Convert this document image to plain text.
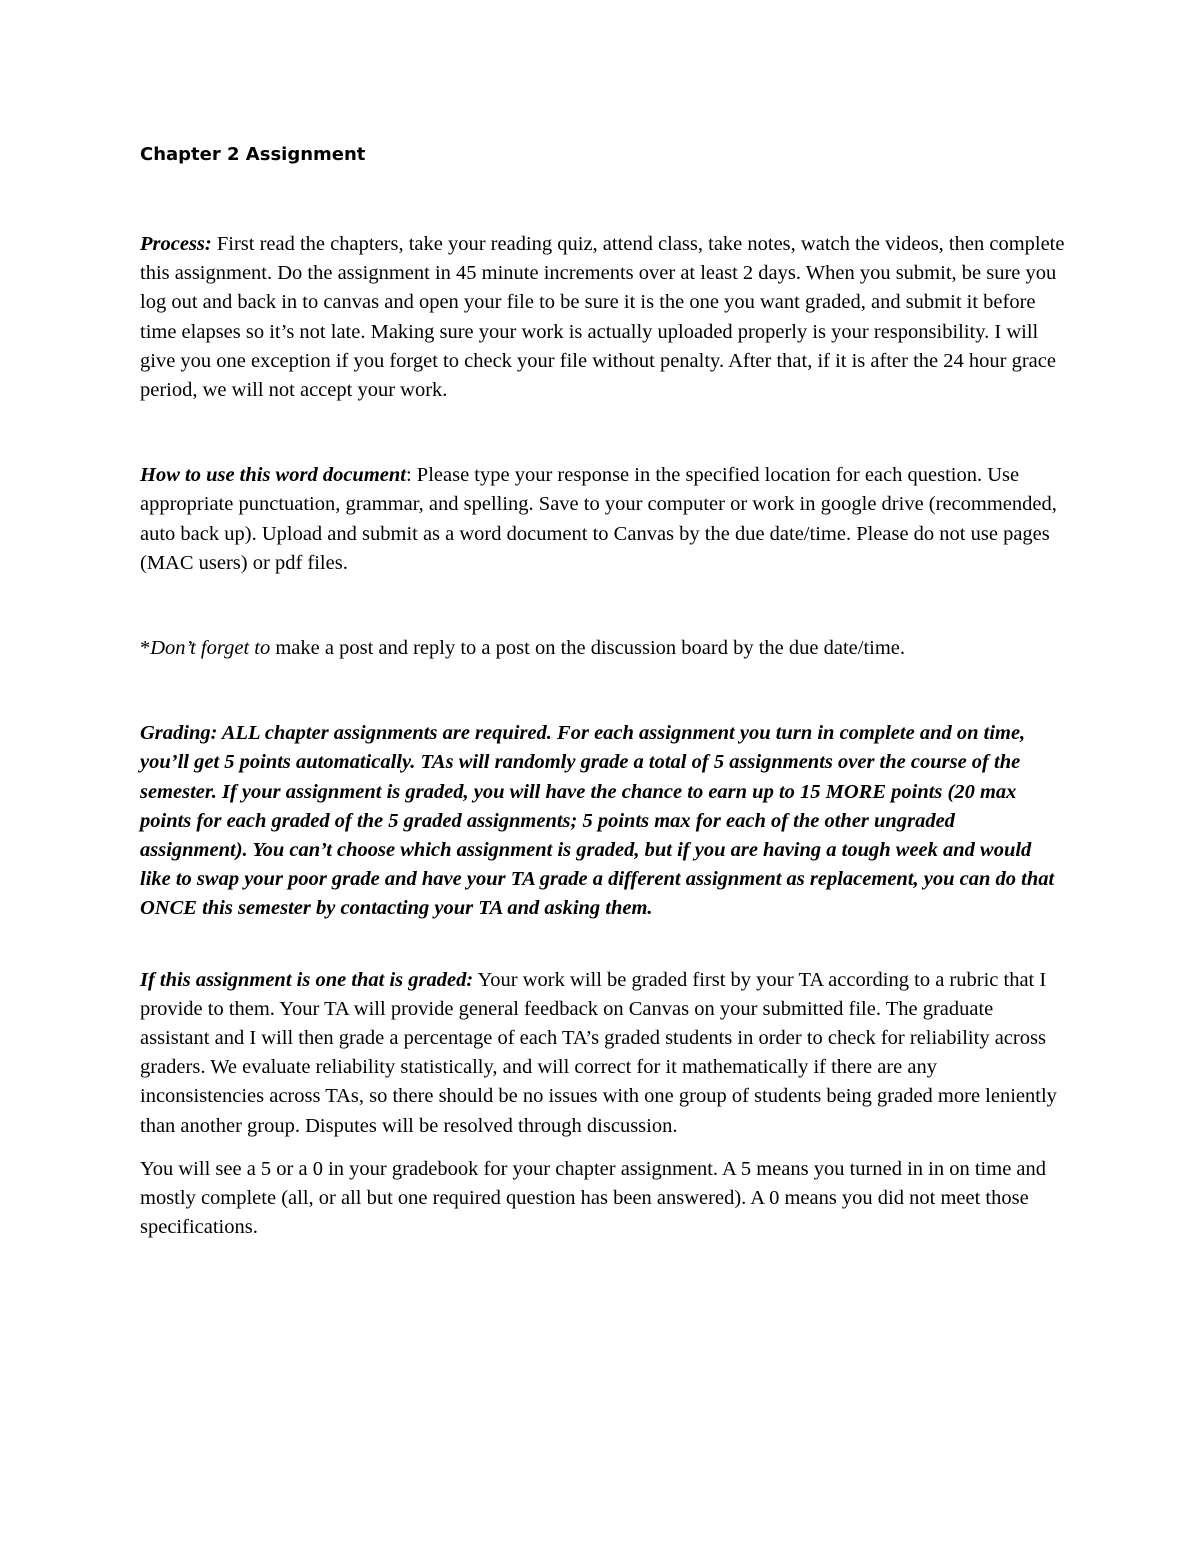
Chapter 2 Assignment

Process: First read the chapters, take your reading quiz, attend class, take notes, watch the videos, then complete this assignment. Do the assignment in 45 minute increments over at least 2 days. When you submit, be sure you log out and back in to canvas and open your file to be sure it is the one you want graded, and submit it before time elapses so it’s not late. Making sure your work is actually uploaded properly is your responsibility. I will give you one exception if you forget to check your file without penalty. After that, if it is after the 24 hour grace period, we will not accept your work.

How to use this word document: Please type your response in the specified location for each question. Use appropriate punctuation, grammar, and spelling. Save to your computer or work in google drive (recommended, auto back up). Upload and submit as a word document to Canvas by the due date/time. Please do not use pages (MAC users) or pdf files.

*Don’t forget to make a post and reply to a post on the discussion board by the due date/time.

Grading: ALL chapter assignments are required. For each assignment you turn in complete and on time, you’ll get 5 points automatically. TAs will randomly grade a total of 5 assignments over the course of the semester. If your assignment is graded, you will have the chance to earn up to 15 MORE points (20 max points for each graded of the 5 graded assignments; 5 points max for each of the other ungraded assignment). You can’t choose which assignment is graded, but if you are having a tough week and would like to swap your poor grade and have your TA grade a different assignment as replacement, you can do that ONCE this semester by contacting your TA and asking them.

If this assignment is one that is graded: Your work will be graded first by your TA according to a rubric that I provide to them. Your TA will provide general feedback on Canvas on your submitted file. The graduate assistant and I will then grade a percentage of each TA’s graded students in order to check for reliability across graders. We evaluate reliability statistically, and will correct for it mathematically if there are any inconsistencies across TAs, so there should be no issues with one group of students being graded more leniently than another group. Disputes will be resolved through discussion.

You will see a 5 or a 0 in your gradebook for your chapter assignment. A 5 means you turned in in on time and mostly complete (all, or all but one required question has been answered). A 0 means you did not meet those specifications.
